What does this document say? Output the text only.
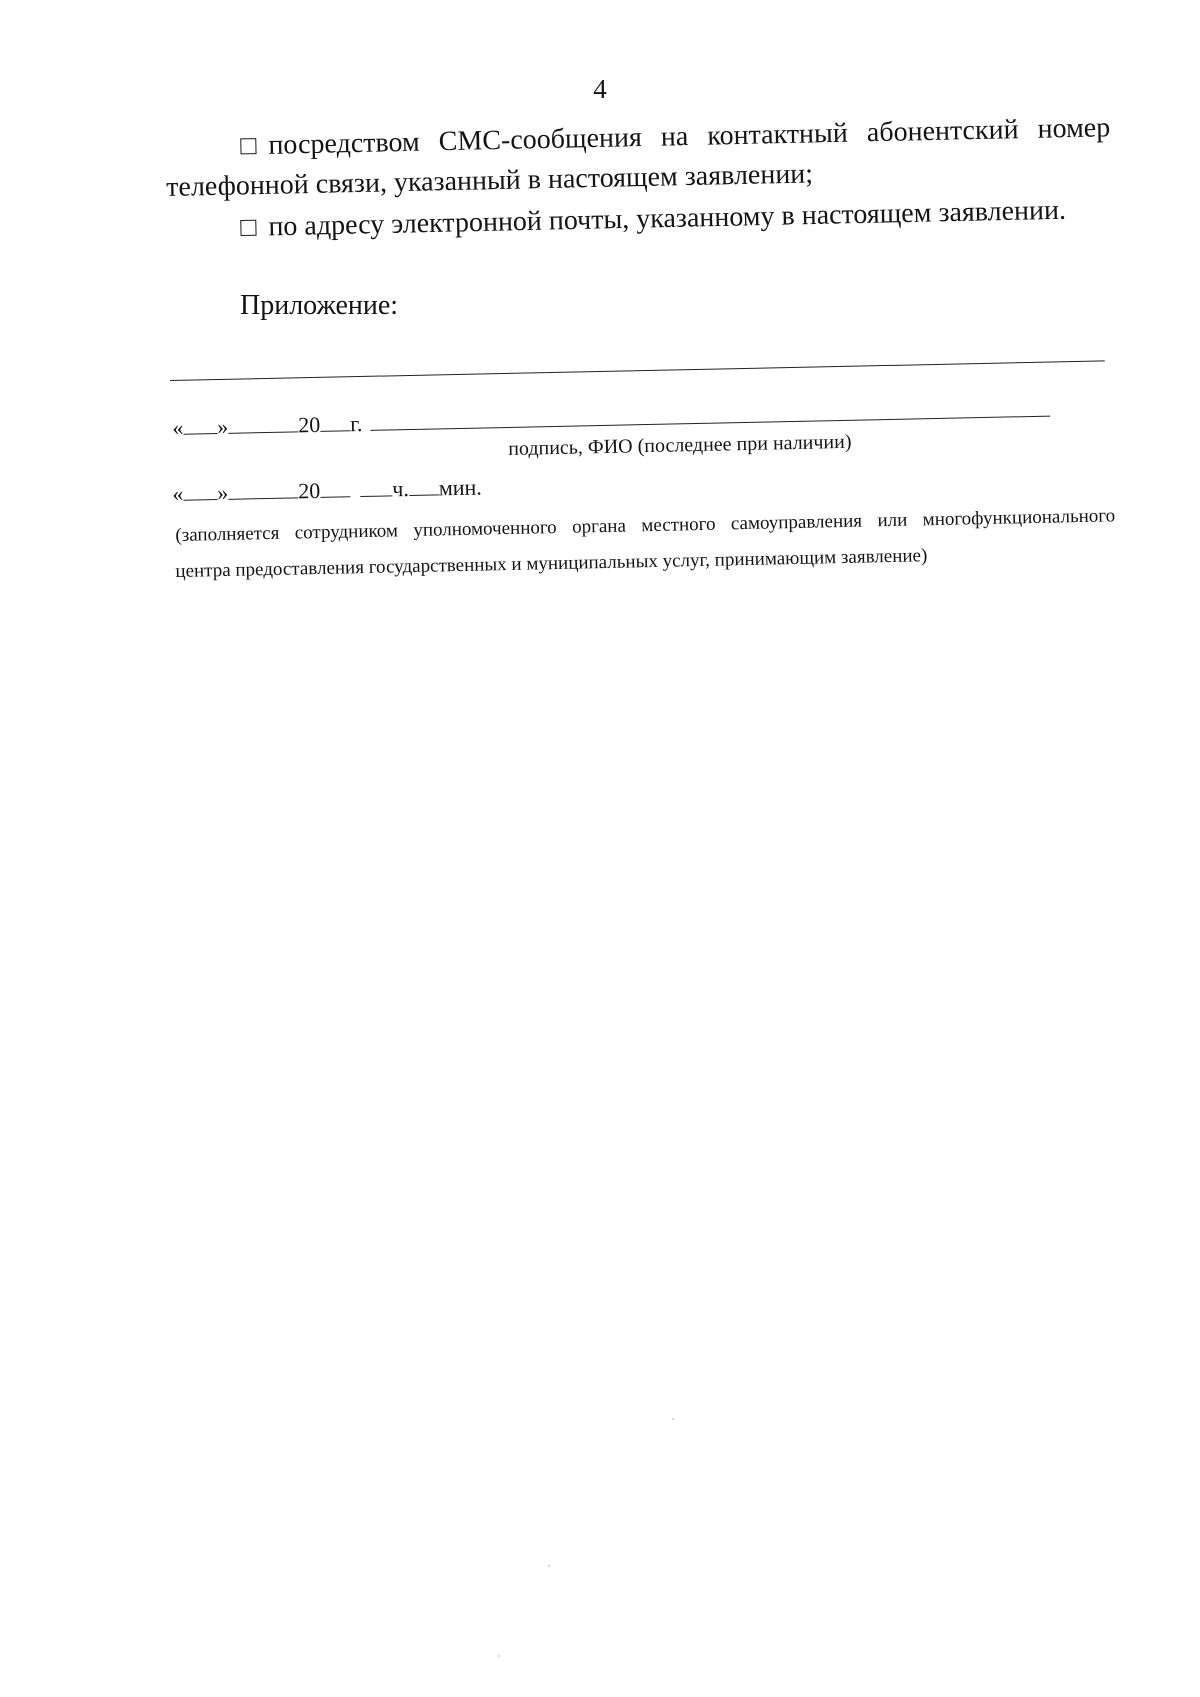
4
посредством СМС-сообщения на контактный абонентский номер
телефонной связи, указанный в настоящем заявлении;
по адресу электронной почты, указанному в настоящем заявлении.
Приложение:
« »	20 г.
подпись, ФИО (последнее при наличии)
« »	20	ч. мин.
(заполняется сотрудником уполномоченного органа местного самоуправления или многофункционального
центра предоставления государственных и муниципальных услуг, принимающим заявление)
